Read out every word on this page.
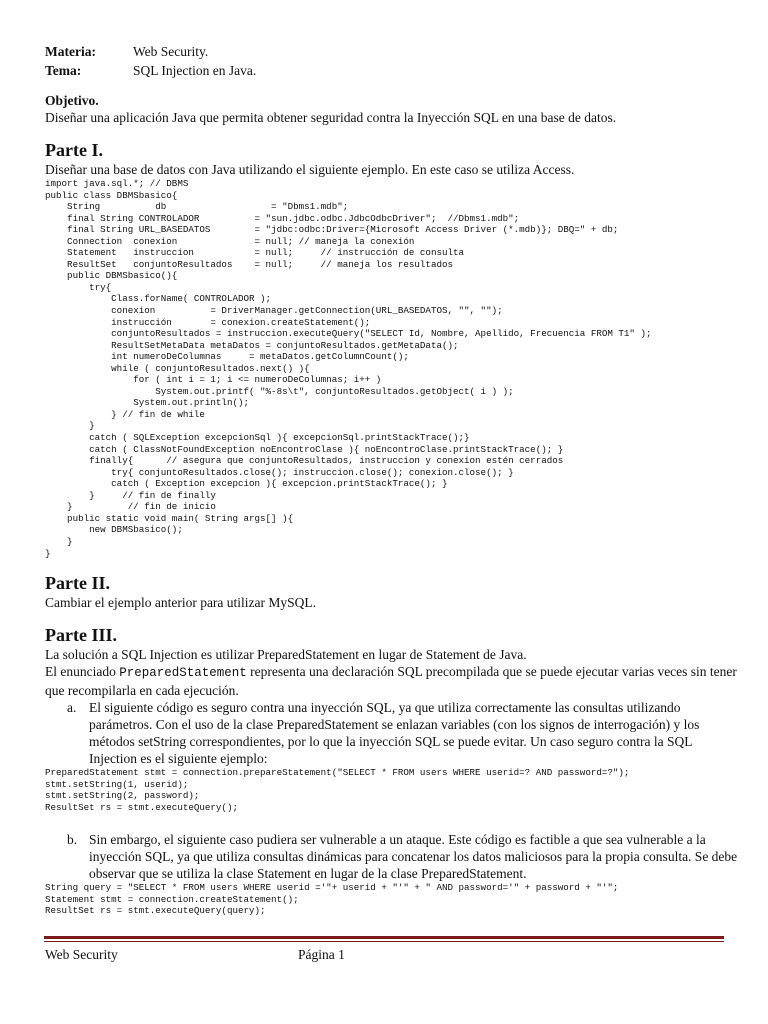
Materia:	Web Security.
Tema:	SQL Injection en Java.
Objetivo.
Diseñar una aplicación Java que permita obtener seguridad contra la Inyección SQL en una base de datos.
Parte I.
Diseñar una base de datos con Java utilizando el siguiente ejemplo. En este caso se utiliza Access.
import java.sql.*; // DBMS
public class DBMSbasico{
String          db                   = "Dbms1.mdb";
final String CONTROLADOR          = "sun.jdbc.odbc.JdbcOdbcDriver";  //Dbms1.mdb";
final String URL_BASEDATOS        = "jdbc:odbc:Driver={Microsoft Access Driver (*.mdb)}; DBQ=" + db;
Connection  conexion              = null; // maneja la conexión
Statement   instruccion           = null;     // instrucción de consulta
ResultSet   conjuntoResultados    = null;     // maneja los resultados
public DBMSbasico(){
try{
Class.forName( CONTROLADOR );
conexion          = DriverManager.getConnection(URL_BASEDATOS, "", "");
instrucción       = conexion.createStatement();
conjuntoResultados = instruccion.executeQuery("SELECT Id, Nombre, Apellido, Frecuencia FROM T1" );
ResultSetMetaData metaDatos = conjuntoResultados.getMetaData();
int numeroDeColumnas     = metaDatos.getColumnCount();
while ( conjuntoResultados.next() ){
for ( int i = 1; i <= numeroDeColumnas; i++ )
System.out.printf( "%-8s\t", conjuntoResultados.getObject( i ) );
System.out.println();
} // fin de while
}
catch ( SQLException excepcionSql ){ excepcionSql.printStackTrace();}
catch ( ClassNotFoundException noEncontroClase ){ noEncontroClase.printStackTrace(); }
finally{      // asegura que conjuntoResultados, instruccion y conexion estén cerrados
try{ conjuntoResultados.close(); instruccion.close(); conexion.close(); }
catch ( Exception excepcion ){ excepcion.printStackTrace(); }
}     // fin de finally
}          // fin de inicio
public static void main( String args[] ){
new DBMSbasico();
}
}
Parte II.
Cambiar el ejemplo anterior para utilizar MySQL.
Parte III.
La solución a SQL Injection es utilizar PreparedStatement en lugar de Statement de Java.
El enunciado PreparedStatement representa una declaración SQL precompilada que se puede ejecutar varias veces sin tener que recompilarla en cada ejecución.
a. El siguiente código es seguro contra una inyección SQL, ya que utiliza correctamente las consultas utilizando parámetros. Con el uso de la clase PreparedStatement se enlazan variables (con los signos de interrogación) y los métodos setString correspondientes, por lo que la inyección SQL se puede evitar. Un caso seguro contra la SQL Injection es el siguiente ejemplo:
PreparedStatement stmt = connection.prepareStatement("SELECT * FROM users WHERE userid=? AND password=?");
stmt.setString(1, userid);
stmt.setString(2, password);
ResultSet rs = stmt.executeQuery();
b. Sin embargo, el siguiente caso pudiera ser vulnerable a un ataque. Este código es factible a que sea vulnerable a la inyección SQL, ya que utiliza consultas dinámicas para concatenar los datos maliciosos para la propia consulta. Se debe observar que se utiliza la clase Statement en lugar de la clase PreparedStatement.
String query = "SELECT * FROM users WHERE userid ='"+ userid + "'" + " AND password='" + password + "'";
Statement stmt = connection.createStatement();
ResultSet rs = stmt.executeQuery(query);
Web Security	Página 1
